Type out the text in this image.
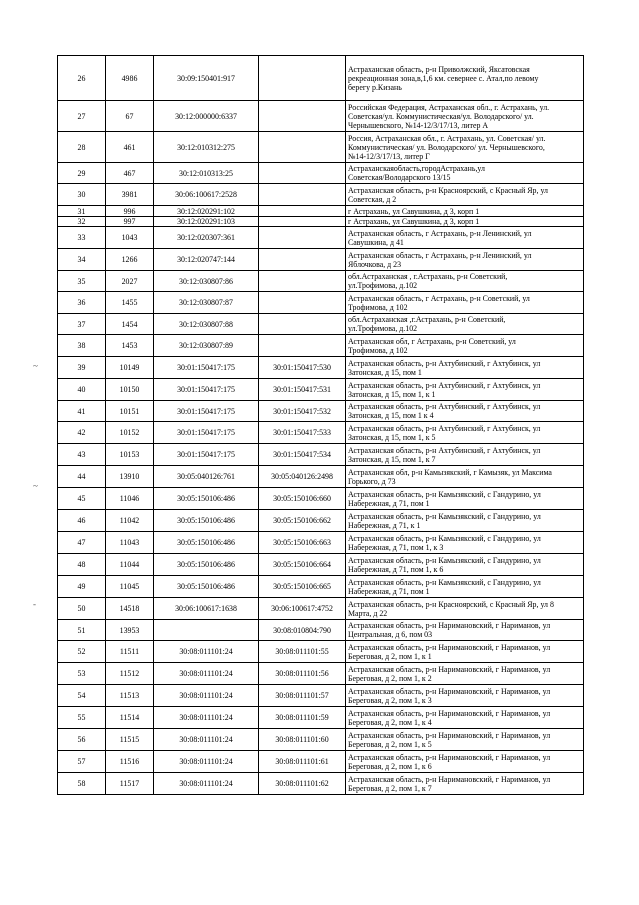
~
~
-
26	4986	30:09:150401:917		Астраханская область, р-н Приволжский, Яксатовская
рекреационная зона,в,1,6 км. севернее с. Атал,по левому
берегу р.Кизань

27	67	30:12:000000:6337		Российская Федерация, Астраханская обл., г. Астрахань, ул.
Советская/ул. Коммунистическая/ул. Володарского/ ул.
Чернышевского, №14-12/3/17/13, литер А

28	461	30:12:010312:275		Россия, Астраханская обл., г. Астрахань, ул. Советская/ ул.
Коммунистическая/ ул. Володарского/ ул. Чернышевского,
№14-12/3/17/13, литер Г

29	467	30:12:010313:25		Астраханскаяобласть,городАстрахань,ул
Советская/Володарского 13/15

30	3981	30:06:100617:2528		Астраханская область, р-н Красноярский, с Красный Яр, ул
Советская, д 2

31	996	30:12:020291:102		г Астрахань, ул Савушкина, д 3, корп 1

32	997	30:12:020291:103		г Астрахань, ул Савушкина, д 3, корп 1

33	1043	30:12:020307:361		Астраханская область, г Астрахань, р-н Ленинский, ул
Савушкина, д 41

34	1266	30:12:020747:144		Астраханская область, г Астрахань, р-н Ленинский, ул
Яблочкова, д 23

35	2027	30:12:030807:86		обл.Астраханская , г.Астрахань, р-н Советский,
ул.Трофимова, д.102

36	1455	30:12:030807:87		Астраханская область, г Астрахань, р-н Советский, ул
Трофимова, д 102

37	1454	30:12:030807:88		обл.Астраханская ,г.Астрахань, р-н Советский,
ул.Трофимова, д.102

38	1453	30:12:030807:89		Астраханская обл, г Астрахань, р-н Советский, ул
Трофимова, д 102

39	10149	30:01:150417:175	30:01:150417:530	Астраханская область, р-н Ахтубинский, г Ахтубинск, ул
Затонская, д 15, пом 1

40	10150	30:01:150417:175	30:01:150417:531	Астраханская область, р-н Ахтубинский, г Ахтубинск, ул
Затонская, д 15, пом 1, к 1

41	10151	30:01:150417:175	30:01:150417:532	Астраханская область, р-н Ахтубинский, г Ахтубинск, ул
Затонская, д 15, пом 1 к 4

42	10152	30:01:150417:175	30:01:150417:533	Астраханская область, р-н Ахтубинский, г Ахтубинск, ул
Затонская, д 15, пом 1, к 5

43	10153	30:01:150417:175	30:01:150417:534	Астраханская область, р-н Ахтубинский, г Ахтубинск, ул
Затонская, д 15, пом 1, к 7

44	13910	30:05:040126:761	30:05:040126:2498	Астраханская обл, р-н Камызякский, г Камызяк, ул Максима
Горького, д 73

45	11046	30:05:150106:486	30:05:150106:660	Астраханская область, р-н Камызякский, с Гандурино, ул
Набережная, д 71, пом 1

46	11042	30:05:150106:486	30:05:150106:662	Астраханская область, р-н Камызякский, с Гандурино, ул
Набережная, д 71, к 1

47	11043	30:05:150106:486	30:05:150106:663	Астраханская область, р-н Камызякский, с Гандурино, ул
Набережная, д 71, пом 1, к 3

48	11044	30:05:150106:486	30:05:150106:664	Астраханская область, р-н Камызякский, с Гандурино, ул
Набережная, д 71, пом 1, к 6

49	11045	30:05:150106:486	30:05:150106:665	Астраханская область, р-н Камызякский, с Гандурино, ул
Набережная, д 71, пом 1

50	14518	30:06:100617:1638	30:06:100617:4752	Астраханская область, р-н Красноярский, с Красный Яр, ул 8
Марта, д 22

51	13953		30:08:010804:790	Астраханская область, р-н Наримановский, г Нариманов, ул
Центральная, д 6, пом 03

52	11511	30:08:011101:24	30:08:011101:55	Астраханская область, р-н Наримановский, г Нариманов, ул
Береговая, д 2, пом 1, к 1

53	11512	30:08:011101:24	30:08:011101:56	Астраханская область, р-н Наримановский, г Нариманов, ул
Береговая, д 2, пом 1, к 2

54	11513	30:08:011101:24	30:08:011101:57	Астраханская область, р-н Наримановский, г Нариманов, ул
Береговая, д 2, пом 1, к 3

55	11514	30:08:011101:24	30:08:011101:59	Астраханская область, р-н Наримановский, г Нариманов, ул
Береговая, д 2, пом 1, к 4

56	11515	30:08:011101:24	30:08:011101:60	Астраханская область, р-н Наримановский, г Нариманов, ул
Береговая, д 2, пом 1, к 5

57	11516	30:08:011101:24	30:08:011101:61	Астраханская область, р-н Наримановский, г Нариманов, ул
Береговая, д 2, пом 1, к 6

58	11517	30:08:011101:24	30:08:011101:62	Астраханская область, р-н Наримановский, г Нариманов, ул
Береговая, д 2, пом 1, к 7
